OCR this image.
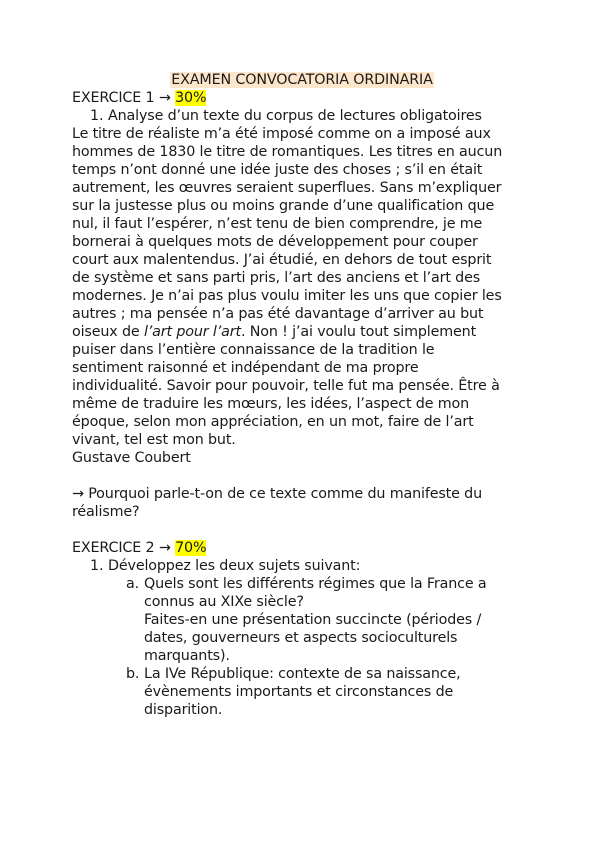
EXAMEN CONVOCATORIA ORDINARIA
EXERCICE 1 → 30%
1. Analyse d’un texte du corpus de lectures obligatoires
Le titre de réaliste m’a été imposé comme on a imposé aux
hommes de 1830 le titre de romantiques. Les titres en aucun
temps n’ont donné une idée juste des choses ; s’il en était
autrement, les œuvres seraient superflues. Sans m’expliquer
sur la justesse plus ou moins grande d’une qualification que
nul, il faut l’espérer, n’est tenu de bien comprendre, je me
bornerai à quelques mots de développement pour couper
court aux malentendus. J’ai étudié, en dehors de tout esprit
de système et sans parti pris, l’art des anciens et l’art des
modernes. Je n’ai pas plus voulu imiter les uns que copier les
autres ; ma pensée n’a pas été davantage d’arriver au but
oiseux de l’art pour l’art. Non ! j’ai voulu tout simplement
puiser dans l’entière connaissance de la tradition le
sentiment raisonné et indépendant de ma propre
individualité. Savoir pour pouvoir, telle fut ma pensée. Être à
même de traduire les mœurs, les idées, l’aspect de mon
époque, selon mon appréciation, en un mot, faire de l’art
vivant, tel est mon but.
Gustave Coubert
→ Pourquoi parle-t-on de ce texte comme du manifeste du
réalisme?
EXERCICE 2 → 70%
1. Développez les deux sujets suivant:
a. Quels sont les différents régimes que la France a
connus au XIXe siècle?
Faites-en une présentation succincte (périodes /
dates, gouverneurs et aspects socioculturels
marquants).
b. La IVe République: contexte de sa naissance,
évènements importants et circonstances de
disparition.
